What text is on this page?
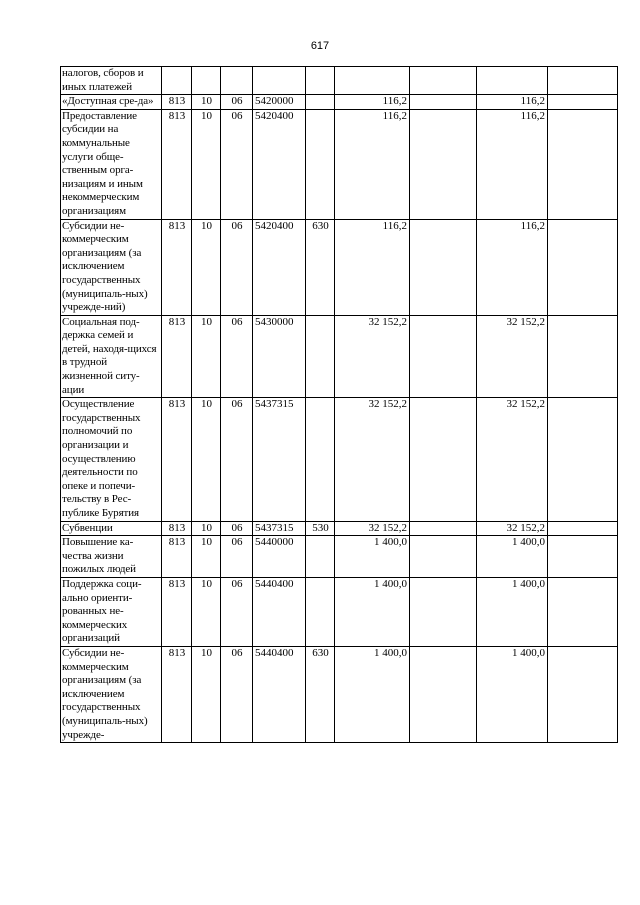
617
налогов, сборов и иных платежей									
«Доступная сре-да»	813	10	06	5420000		116,2		116,2	
Предоставление субсидии на коммунальные услуги обще-ственным орга-низациям и иным некоммерческим организациям	813	10	06	5420400		116,2		116,2	
Субсидии не-коммерческим организациям (за исключением государственных (муниципаль-ных) учрежде-ний)	813	10	06	5420400	630	116,2		116,2	
Социальная под-держка семей и детей, находя-щихся в трудной жизненной ситу-ации	813	10	06	5430000		32 152,2		32 152,2	
Осуществление государственных полномочий по организации и осуществлению деятельности по опеке и попечи-тельству в Рес-публике Бурятия	813	10	06	5437315		32 152,2		32 152,2	
Субвенции	813	10	06	5437315	530	32 152,2		32 152,2	
Повышение ка-чества жизни пожилых людей	813	10	06	5440000		1 400,0		1 400,0	
Поддержка соци-ально ориенти-рованных не-коммерческих организаций	813	10	06	5440400		1 400,0		1 400,0	
Субсидии не-коммерческим организациям (за исключением государственных (муниципаль-ных) учрежде-	813	10	06	5440400	630	1 400,0		1 400,0	
